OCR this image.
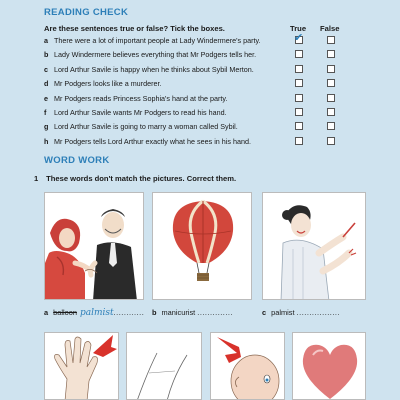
READING CHECK
Are these sentences true or false? Tick the boxes.	True False
a There were a lot of important people at Lady Windermere's party.	✔
b Lady Windermere believes everything that Mr Podgers tells her.
c Lord Arthur Savile is happy when he thinks about Sybil Merton.
d Mr Podgers looks like a murderer.
e Mr Podgers reads Princess Sophia's hand at the party.
f Lord Arthur Savile wants Mr Podgers to read his hand.
g Lord Arthur Savile is going to marry a woman called Sybil.
h Mr Podgers tells Lord Arthur exactly what he sees in his hand.
WORD WORK
1 These words don't match the pictures. Correct them.
a balloon palmist............ b manicurist ..............	c palmist .................
